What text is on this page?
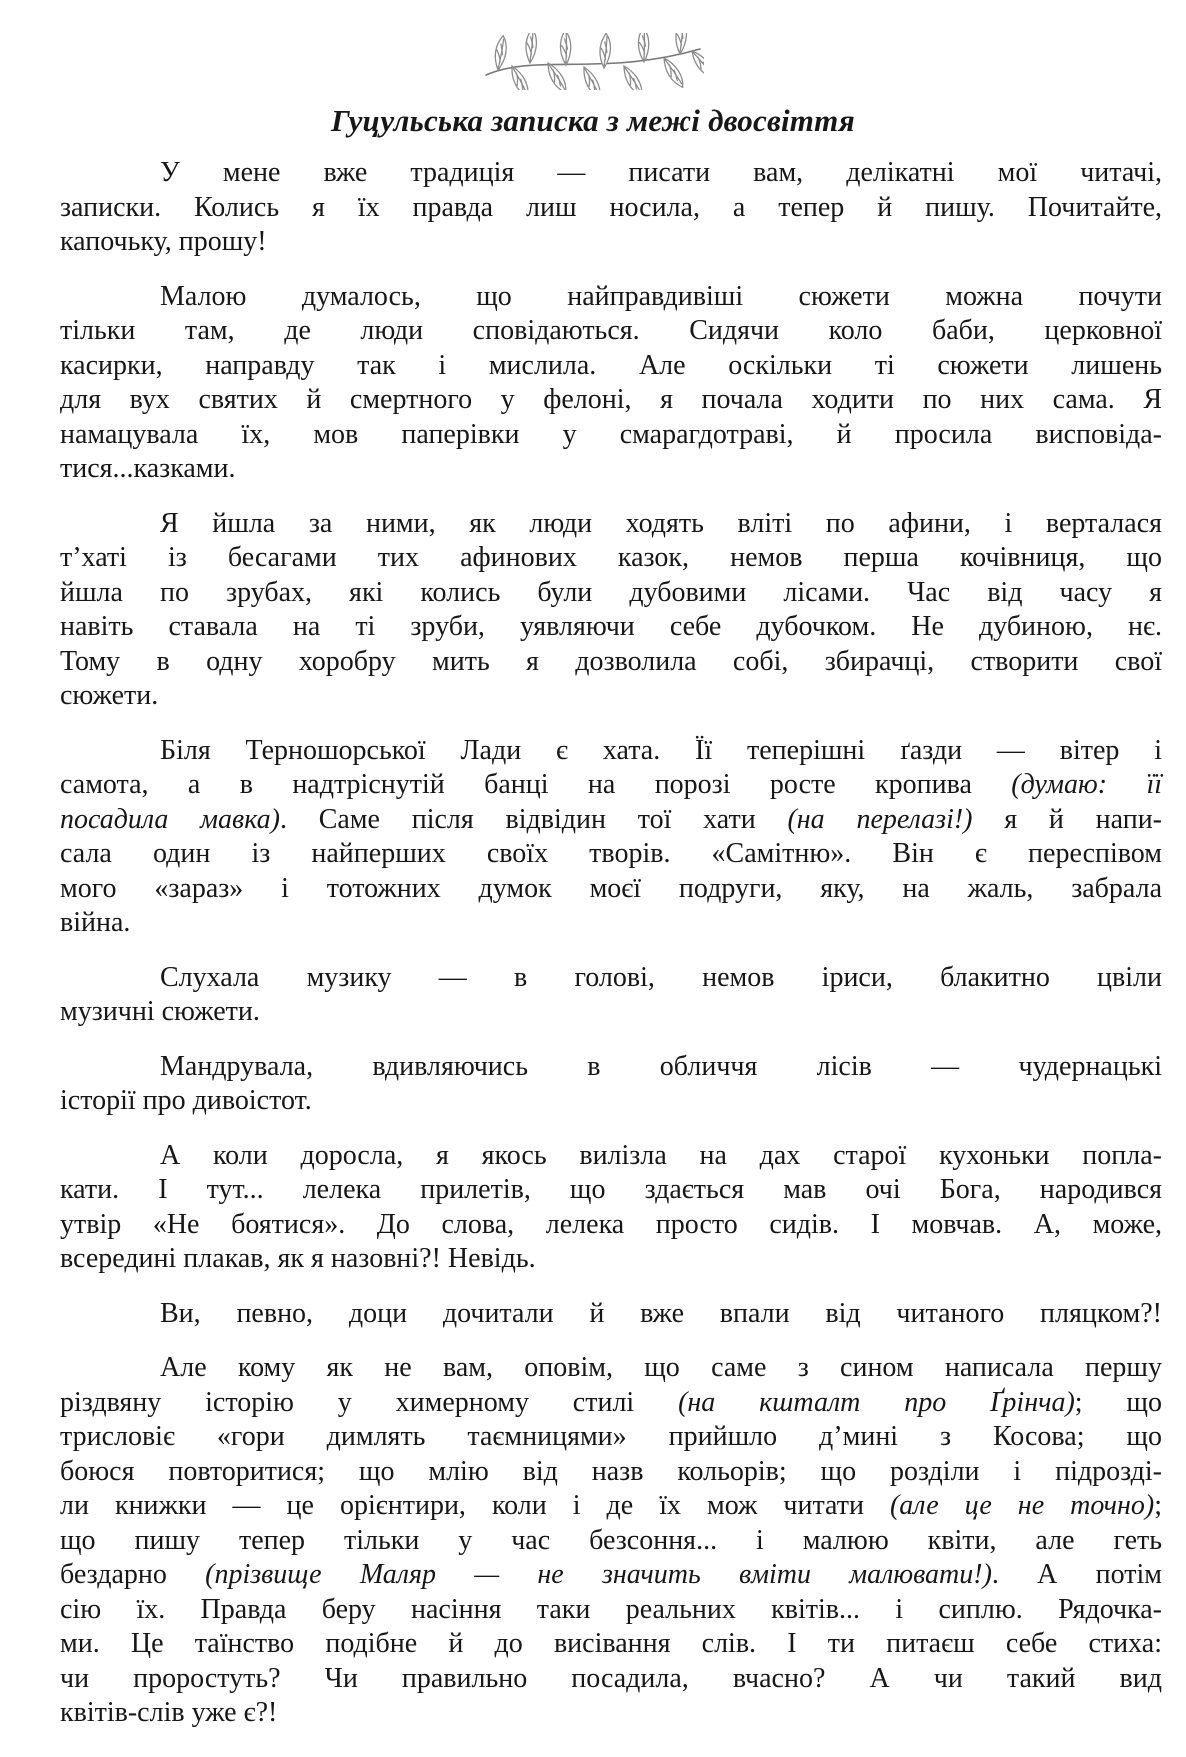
Гуцульська записка з межі двосвіття
У мене вже традиція — писати вам, делікатні мої читачі,
записки. Колись я їх правда лиш носила, а тепер й пишу. Почитайте,
капочьку, прошу!
Малою думалось, що найправдивіші сюжети можна почути
тільки там, де люди сповідаються. Сидячи коло баби, церковної
касирки, направду так і мислила. Але оскільки ті сюжети лишень
для вух святих й смертного у фелоні, я почала ходити по них сама. Я
намацувала їх, мов паперівки у смарагдотраві, й просила висповіда-
тися...казками.
Я йшла за ними, як люди ходять вліті по афини, і верталася
т’хаті із бесагами тих афинових казок, немов перша кочівниця, що
йшла по зрубах, які колись були дубовими лісами. Час від часу я
навіть ставала на ті зруби, уявляючи себе дубочком. Не дубиною, нє.
Тому в одну хоробру мить я дозволила собі, збирачці, створити свої
сюжети.
Біля Терношорської Лади є хата. Її теперішні ґазди — вітер і
самота, а в надтріснутій банці на порозі росте кропива (думаю: її
посадила мавка). Саме після відвідин тої хати (на перелазі!) я й напи-
сала один із найперших своїх творів. «Самітню». Він є переспівом
мого «зараз» і тотожних думок моєї подруги, яку, на жаль, забрала
війна.
Слухала музику — в голові, немов іриси, блакитно цвіли
музичні сюжети.
Мандрувала, вдивляючись в обличчя лісів — чудернацькі
історії про дивоістот.
А коли доросла, я якось вилізла на дах старої кухоньки попла-
кати. І тут... лелека прилетів, що здається мав очі Бога, народився
утвір «Не боятися». До слова, лелека просто сидів. І мовчав. А, може,
всередині плакав, як я назовні?! Невідь.
Ви, певно, доци дочитали й вже впали від читаного пляцком?!
Але кому як не вам, оповім, що саме з сином написала першу
різдвяну історію у химерному стилі (на кшталт про Ґрінча); що
трисловіє «гори димлять таємницями» прийшло д’мині з Косова; що
боюся повторитися; що млію від назв кольорів; що розділи і підрозді-
ли книжки — це орієнтири, коли і де їх мож читати (але це не точно);
що пишу тепер тільки у час безсоння... і малюю квіти, але геть
бездарно (прізвище Маляр — не значить вміти малювати!). А потім
сію їх. Правда беру насіння таки реальних квітів... і сиплю. Рядочка-
ми. Це таїнство подібне й до висівання слів. І ти питаєш себе стиха:
чи проростуть? Чи правильно посадила, вчасно? А чи такий вид
квітів-слів уже є?!
